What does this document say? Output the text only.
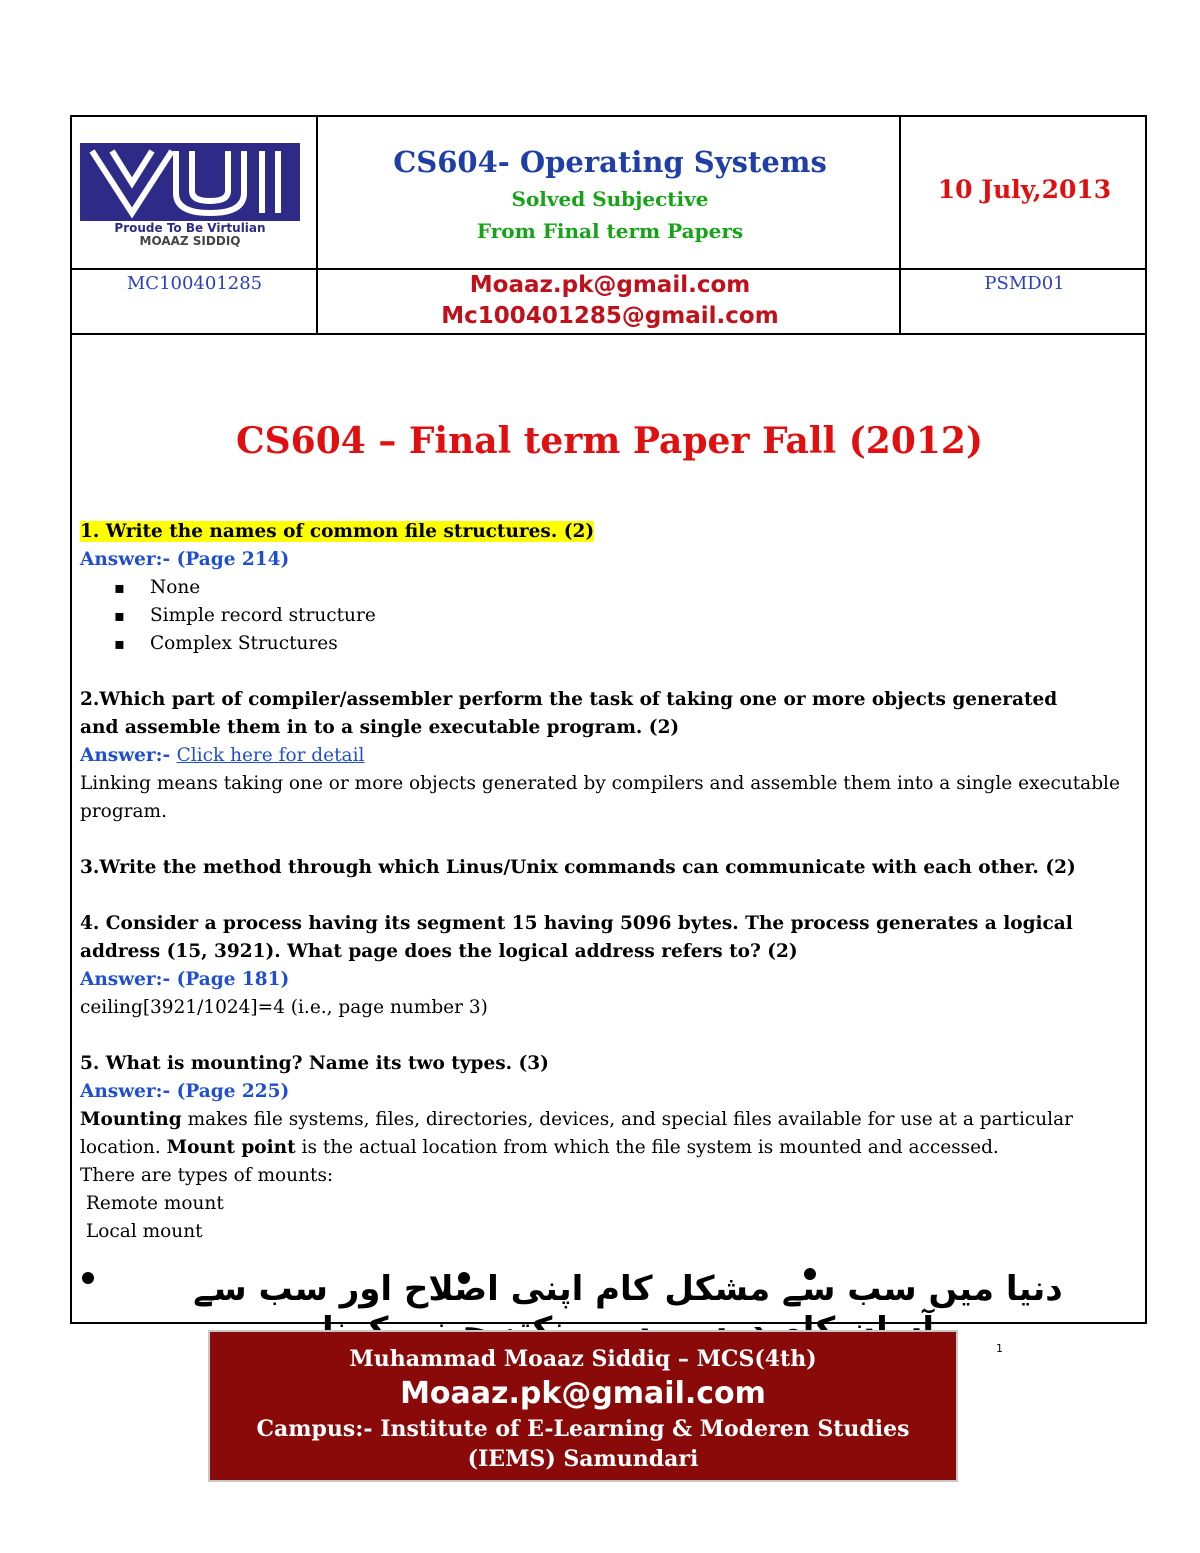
Proude To Be Virtulian
MOAAZ SIDDIQ
CS604- Operating Systems
Solved Subjective
From Final term Papers
10 July,2013
MC100401285	Moaaz.pk@gmail.com
Mc100401285@gmail.com
PSMD01
CS604 – Final term Paper Fall (2012)
1. Write the names of common file structures. (2)
Answer:- (Page 214)
▪ None
▪ Simple record structure
▪ Complex Structures
2.Which part of compiler/assembler perform the task of taking one or more objects generated
and assemble them in to a single executable program. (2)
Answer:- Click here for detail
Linking means taking one or more objects generated by compilers and assemble them into a single executable program.
3.Write the method through which Linus/Unix commands can communicate with each other. (2)
4. Consider a process having its segment 15 having 5096 bytes. The process generates a logical address (15, 3921). What page does the logical address refers to? (2)
Answer:- (Page 181)
ceiling[3921/1024]=4 (i.e., page number 3)
5. What is mounting? Name its two types. (3)
Answer:- (Page 225)
Mounting makes file systems, files, directories, devices, and special files available for use at a particular location. Mount point is the actual location from which the file system is mounted and accessed.
There are types of mounts:
Remote mount
Local mount
دنیا میں سب سے مشکل کام اپنی اصلاح اور سب سے
1
Muhammad Moaaz Siddiq – MCS(4th)
Moaaz.pk@gmail.com
Campus:- Institute of E-Learning & Moderen Studies
(IEMS) Samundari
